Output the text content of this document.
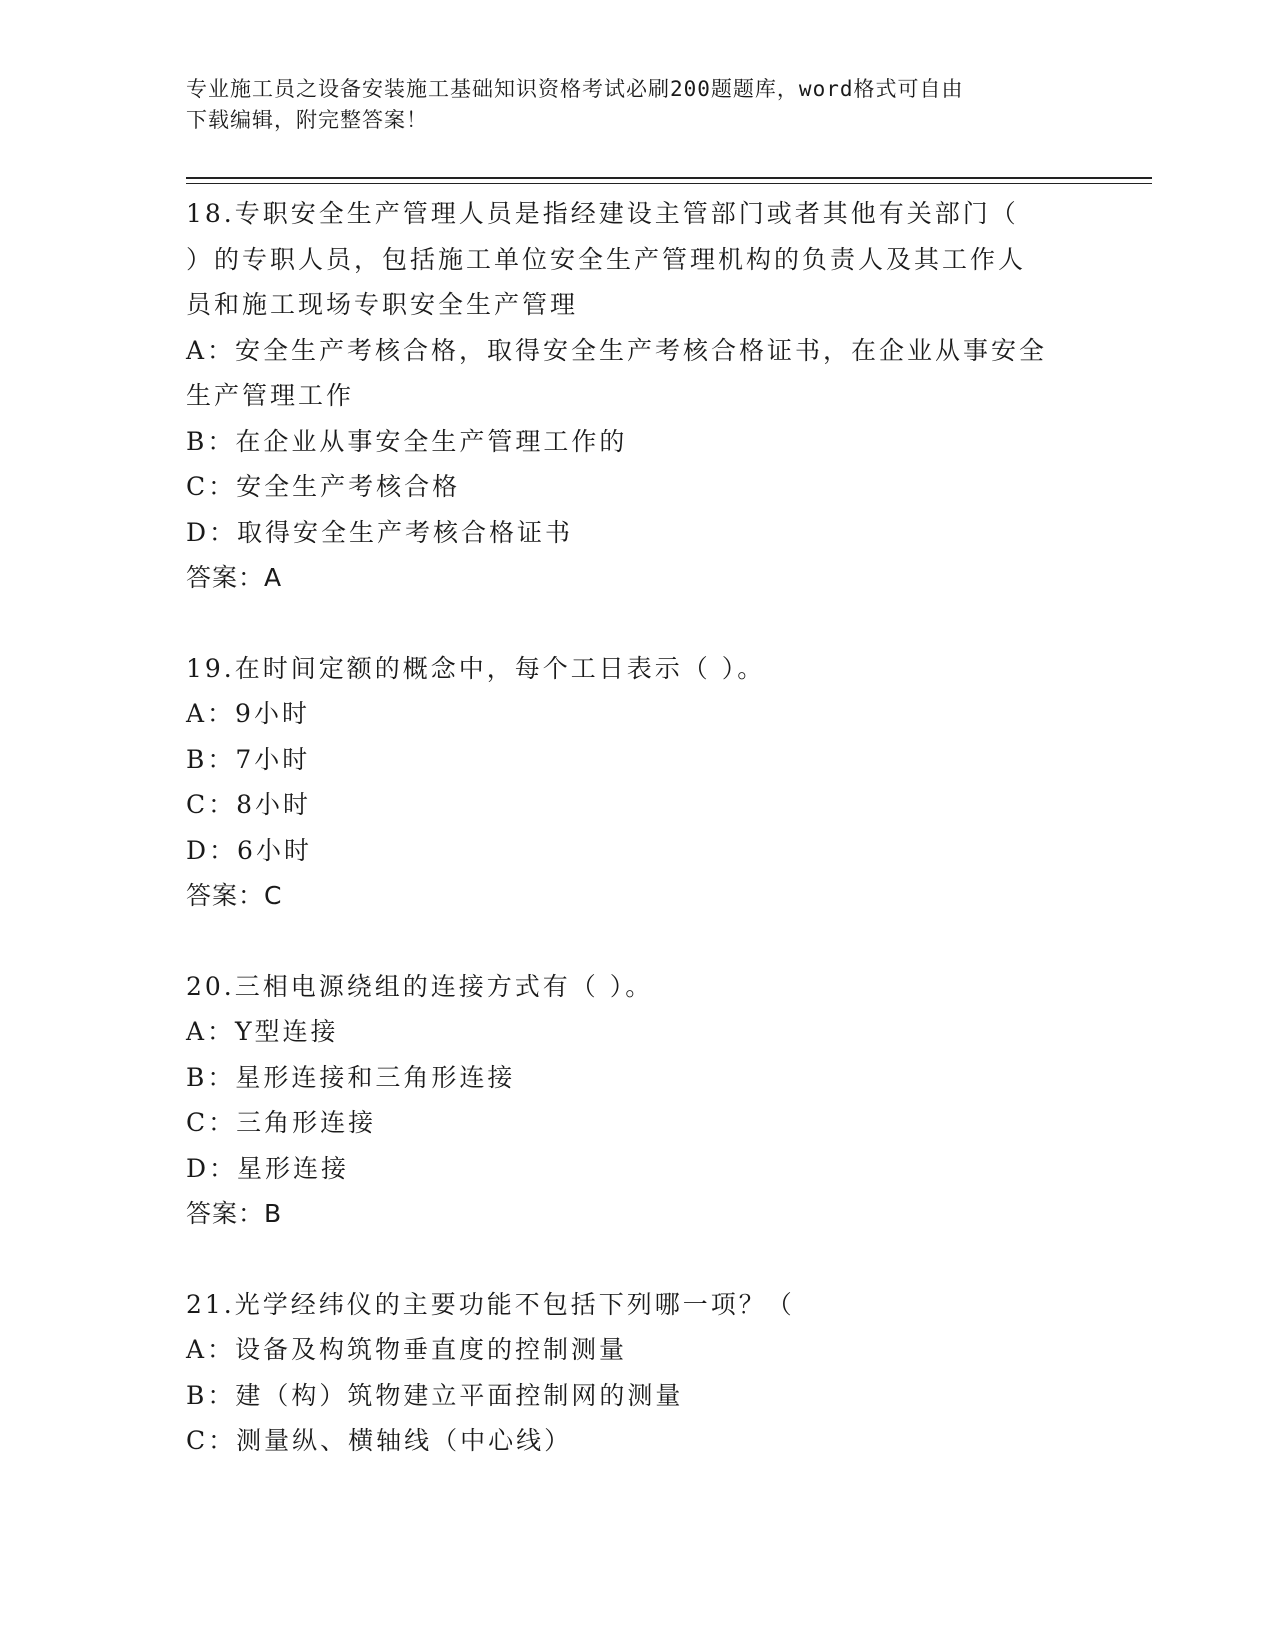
专业施工员之设备安装施工基础知识资格考试必刷200题题库，word格式可自由
下载编辑，附完整答案！
18.专职安全生产管理人员是指经建设主管部门或者其他有关部门（
）的专职人员，包括施工单位安全生产管理机构的负责人及其工作人
员和施工现场专职安全生产管理
A：安全生产考核合格，取得安全生产考核合格证书，在企业从事安全
生产管理工作
B：在企业从事安全生产管理工作的
C：安全生产考核合格
D：取得安全生产考核合格证书
答案：A
19.在时间定额的概念中，每个工日表示（ ）。
A：9小时
B：7小时
C：8小时
D：6小时
答案：C
20.三相电源绕组的连接方式有（ ）。
A：Y型连接
B：星形连接和三角形连接
C：三角形连接
D：星形连接
答案：B
21.光学经纬仪的主要功能不包括下列哪一项？（
A：设备及构筑物垂直度的控制测量
B：建（构）筑物建立平面控制网的测量
C：测量纵、横轴线（中心线）
